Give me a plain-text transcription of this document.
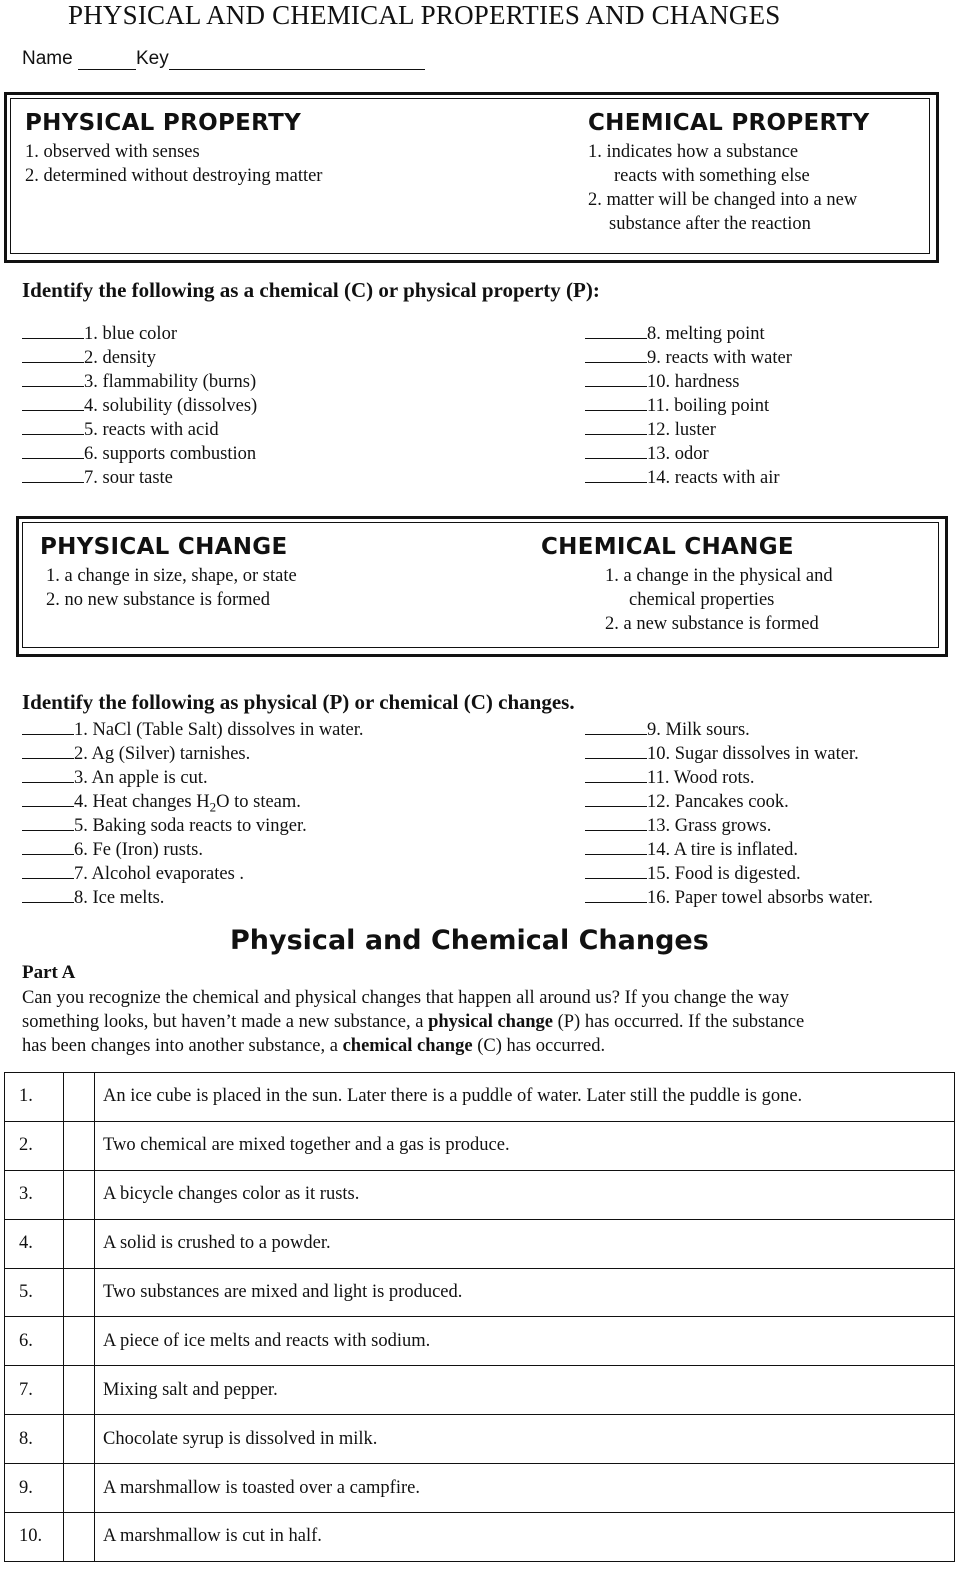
PHYSICAL AND CHEMICAL PROPERTIES AND CHANGES
Name	Key
PHYSICAL PROPERTY
1. observed with senses
2. determined without destroying matter
CHEMICAL PROPERTY
1. indicates how a substance
reacts with something else
2. matter will be changed into a new
substance after the reaction
Identify the following as a chemical (C) or physical property (P):
1. blue color
2. density
3. flammability (burns)
4. solubility (dissolves)
5. reacts with acid
6. supports combustion
7. sour taste
8. melting point
9. reacts with water
10. hardness
11. boiling point
12. luster
13. odor
14. reacts with air
PHYSICAL CHANGE
1. a change in size, shape, or state
2. no new substance is formed
CHEMICAL CHANGE
1. a change in the physical and
chemical properties
2. a new substance is formed
Identify the following as physical (P) or chemical (C) changes.
1. NaCl (Table Salt) dissolves in water.
2. Ag (Silver) tarnishes.
3. An apple is cut.
4. Heat changes $H_2O$ to steam.
5. Baking soda reacts to vinger.
6. Fe (Iron) rusts.
7. Alcohol evaporates .
8. Ice melts.
9. Milk sours.
10. Sugar dissolves in water.
11. Wood rots.
12. Pancakes cook.
13. Grass grows.
14. A tire is inflated.
15. Food is digested.
16. Paper towel absorbs water.
Physical and Chemical Changes
Part A
Can you recognize the chemical and physical changes that happen all around us? If you change the way
something looks, but haven’t made a new substance, a physical change (P) has occurred. If the substance
has been changes into another substance, a chemical change (C) has occurred.
1.		An ice cube is placed in the sun. Later there is a puddle of water. Later still the puddle is gone.
2.		Two chemical are mixed together and a gas is produce.
3.		A bicycle changes color as it rusts.
4.		A solid is crushed to a powder.
5.		Two substances are mixed and light is produced.
6.		A piece of ice melts and reacts with sodium.
7.		Mixing salt and pepper.
8.		Chocolate syrup is dissolved in milk.
9.		A marshmallow is toasted over a campfire.
10.		A marshmallow is cut in half.
